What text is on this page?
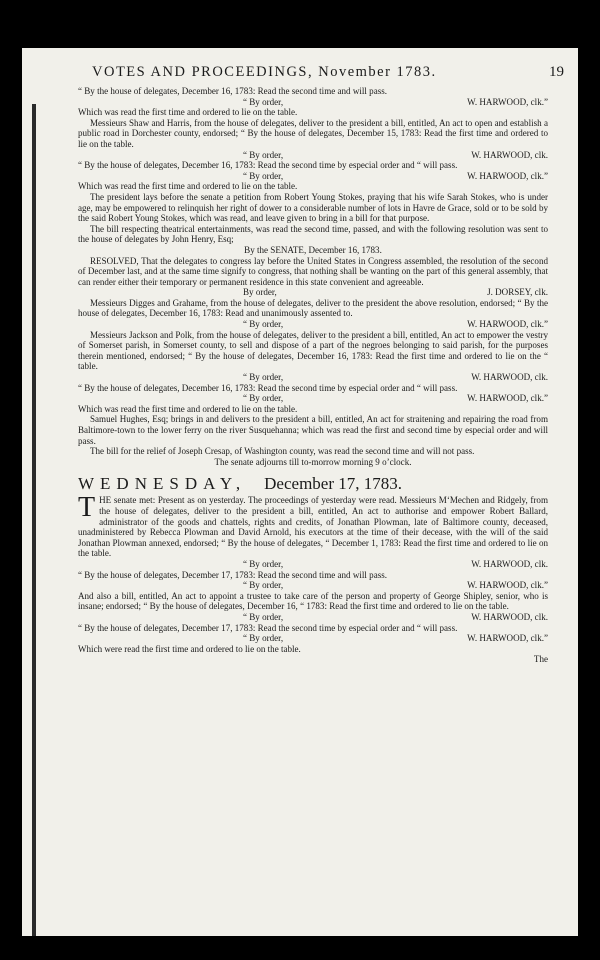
VOTES AND PROCEEDINGS, November 1783.	19

“ By the house of delegates, December 16, 1783: Read the second time and will pass.

“ By order,	W. HARWOOD, clk.”

Which was read the first time and ordered to lie on the table.

Messieurs Shaw and Harris, from the house of delegates, deliver to the president a bill, entitled, An act to open and establish a public road in Dorchester county, endorsed; “ By the house of delegates, December 15, 1783: Read the first time and ordered to lie on the table.

“ By order,	W. HARWOOD, clk.

“ By the house of delegates, December 16, 1783: Read the second time by especial order and “ will pass.

“ By order,	W. HARWOOD, clk.”

Which was read the first time and ordered to lie on the table.

The president lays before the senate a petition from Robert Young Stokes, praying that his wife Sarah Stokes, who is under age, may be empowered to relinquish her right of dower to a considerable number of lots in Havre de Grace, sold or to be sold by the said Robert Young Stokes, which was read, and leave given to bring in a bill for that purpose.

The bill respecting theatrical entertainments, was read the second time, passed, and with the following resolution was sent to the house of delegates by John Henry, Esq;

By the SENATE, December 16, 1783.

RESOLVED, That the delegates to congress lay before the United States in Congress assembled, the resolution of the second of December last, and at the same time signify to congress, that nothing shall be wanting on the part of this general assembly, that can render either their temporary or permanent residence in this state convenient and agreeable.

By order,	J. DORSEY, clk.

Messieurs Digges and Grahame, from the house of delegates, deliver to the president the above resolution, endorsed; “ By the house of delegates, December 16, 1783: Read and unanimously assented to.

“ By order,	W. HARWOOD, clk.”

Messieurs Jackson and Polk, from the house of delegates, deliver to the president a bill, entitled, An act to empower the vestry of Somerset parish, in Somerset county, to sell and dispose of a part of the negroes belonging to said parish, for the purposes therein mentioned, endorsed; “ By the house of delegates, December 16, 1783: Read the first time and ordered to lie on the “ table.

“ By order,	W. HARWOOD, clk.

“ By the house of delegates, December 16, 1783: Read the second time by especial order and “ will pass.

“ By order,	W. HARWOOD, clk.”

Which was read the first time and ordered to lie on the table.

Samuel Hughes, Esq; brings in and delivers to the president a bill, entitled, An act for straitening and repairing the road from Baltimore-town to the lower ferry on the river Susquehanna; which was read the first and second time by especial order and will pass.

The bill for the relief of Joseph Cresap, of Washington county, was read the second time and will not pass.

The senate adjourns till to-morrow morning 9 o’clock.

WEDNESDAY, December 17, 1783.

THE senate met: Present as on yesterday. The proceedings of yesterday were read. Messieurs M‘Mechen and Ridgely, from the house of delegates, deliver to the president a bill, entitled, An act to authorise and empower Robert Ballard, administrator of the goods and chattels, rights and credits, of Jonathan Plowman, late of Baltimore county, deceased, unadministered by Rebecca Plowman and David Arnold, his executors at the time of their decease, with the will of the said Jonathan Plowman annexed, endorsed; “ By the house of delegates, “ December 1, 1783: Read the first time and ordered to lie on the table.

“ By order,	W. HARWOOD, clk.

“ By the house of delegates, December 17, 1783: Read the second time and will pass.

“ By order,	W. HARWOOD, clk.”

And also a bill, entitled, An act to appoint a trustee to take care of the person and property of George Shipley, senior, who is insane; endorsed; “ By the house of delegates, December 16, “ 1783: Read the first time and ordered to lie on the table.

“ By order,	W. HARWOOD, clk.

“ By the house of delegates, December 17, 1783: Read the second time by especial order and “ will pass.

“ By order,	W. HARWOOD, clk.”

Which were read the first time and ordered to lie on the table.

The
